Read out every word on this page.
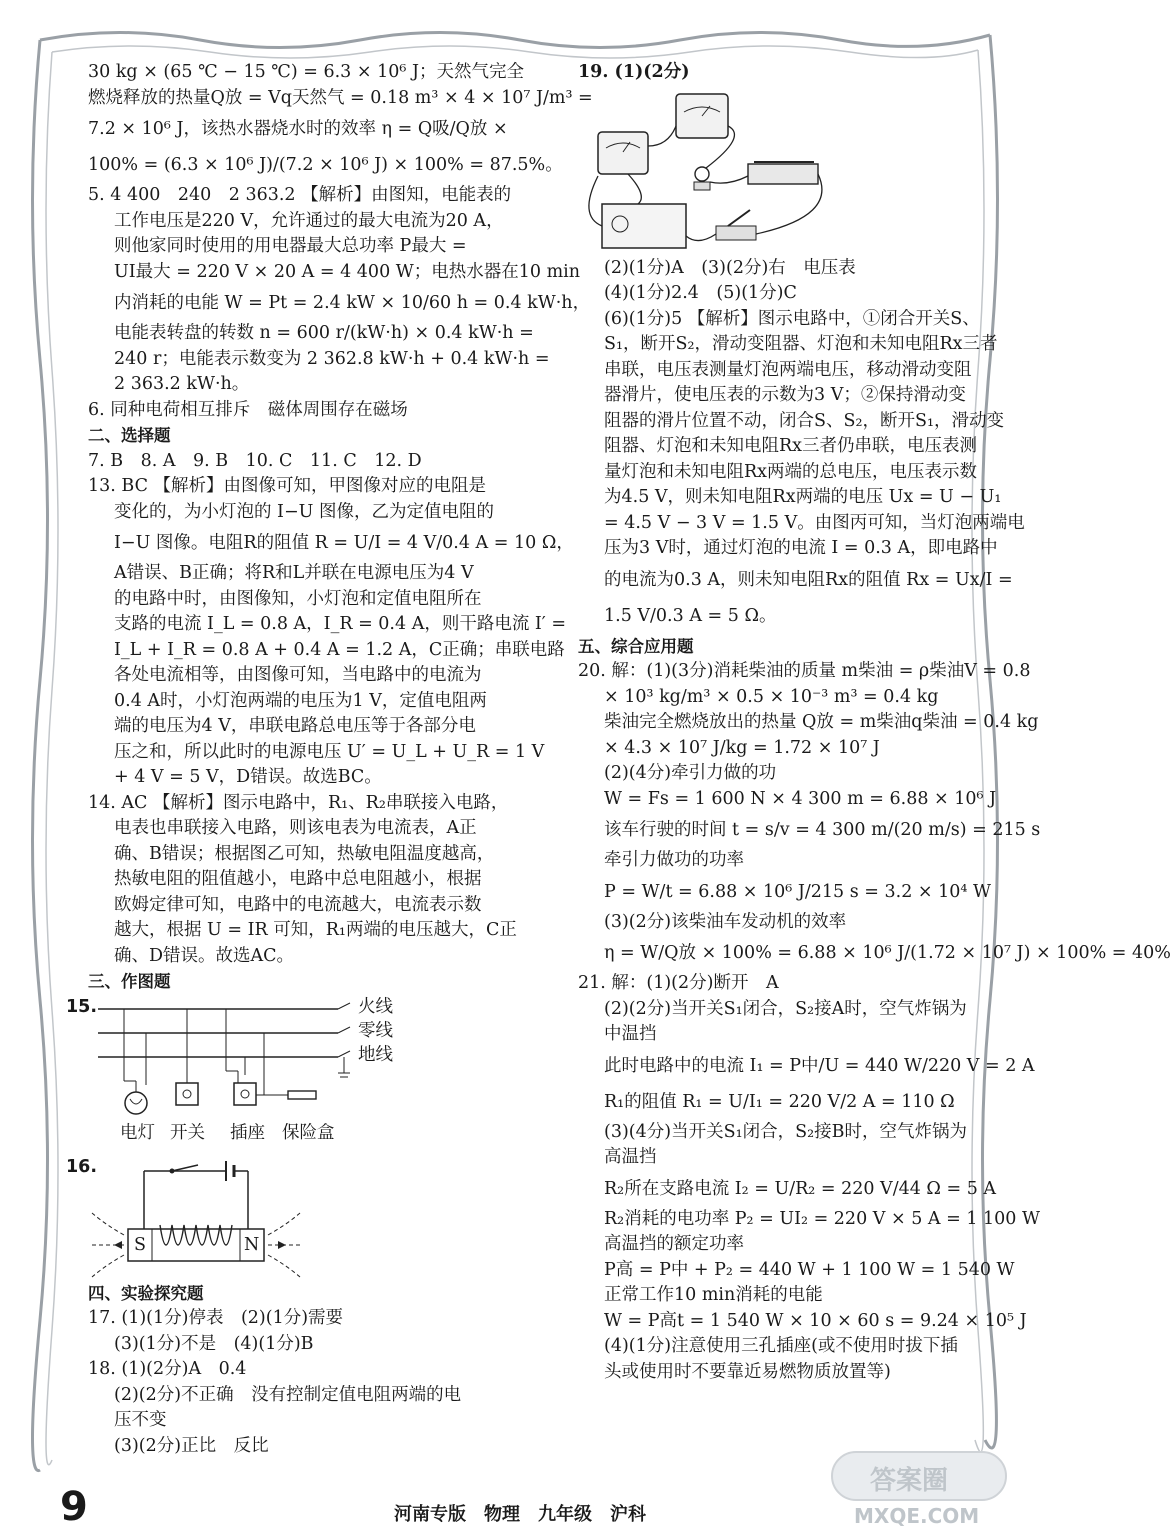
30 kg × (65 ℃ − 15 ℃) = 6.3 × 10⁶ J；天然气完全
燃烧释放的热量Q放 = Vq天然气 = 0.18 m³ × 4 × 10⁷ J/m³ =
7.2 × 10⁶ J，该热水器烧水时的效率 η = Q吸/Q放 ×
100% = (6.3 × 10⁶ J)/(7.2 × 10⁶ J) × 100% = 87.5%。
5. 4 400　240　2 363.2 【解析】由图知，电能表的
工作电压是220 V，允许通过的最大电流为20 A，
则他家同时使用的用电器最大总功率 P最大 =
UI最大 = 220 V × 20 A = 4 400 W；电热水器在10 min
内消耗的电能 W = Pt = 2.4 kW × 10/60 h = 0.4 kW·h，
电能表转盘的转数 n = 600 r/(kW·h) × 0.4 kW·h =
240 r；电能表示数变为 2 362.8 kW·h + 0.4 kW·h =
2 363.2 kW·h。
6. 同种电荷相互排斥　磁体周围存在磁场
二、选择题
7. B　8. A　9. B　10. C　11. C　12. D
13. BC 【解析】由图像可知，甲图像对应的电阻是
变化的，为小灯泡的 I−U 图像，乙为定值电阻的
I−U 图像。电阻R的阻值 R = U/I = 4 V/0.4 A = 10 Ω，
A错误、B正确；将R和L并联在电源电压为4 V
的电路中时，由图像知，小灯泡和定值电阻所在
支路的电流 I_L = 0.8 A，I_R = 0.4 A，则干路电流 I′ =
I_L + I_R = 0.8 A + 0.4 A = 1.2 A，C正确；串联电路
各处电流相等，由图像可知，当电路中的电流为
0.4 A时，小灯泡两端的电压为1 V，定值电阻两
端的电压为4 V，串联电路总电压等于各部分电
压之和，所以此时的电源电压 U′ = U_L + U_R = 1 V
+ 4 V = 5 V，D错误。故选BC。
14. AC 【解析】图示电路中，R₁、R₂串联接入电路，
电表也串联接入电路，则该电表为电流表，A正
确、B错误；根据图乙可知，热敏电阻温度越高，
热敏电阻的阻值越小，电路中总电阻越小，根据
欧姆定律可知，电路中的电流越大，电流表示数
越大，根据 U = IR 可知，R₁两端的电压越大，C正
确、D错误。故选AC。
三、作图题
15.	火线
零线
地线
电灯 开关 插座 保险盒
16.
S	N
四、实验探究题
17. (1)(1分)停表　(2)(1分)需要
(3)(1分)不是　(4)(1分)B
18. (1)(2分)A　0.4
(2)(2分)不正确　没有控制定值电阻两端的电
压不变
(3)(2分)正比　反比
19. (1)(2分)
(2)(1分)A　(3)(2分)右　电压表
(4)(1分)2.4　(5)(1分)C
(6)(1分)5 【解析】图示电路中，①闭合开关S、
S₁，断开S₂，滑动变阻器、灯泡和未知电阻Rx三者
串联，电压表测量灯泡两端电压，移动滑动变阻
器滑片，使电压表的示数为3 V；②保持滑动变
阻器的滑片位置不动，闭合S、S₂，断开S₁，滑动变
阻器、灯泡和未知电阻Rx三者仍串联，电压表测
量灯泡和未知电阻Rx两端的总电压，电压表示数
为4.5 V，则未知电阻Rx两端的电压 Ux = U − U₁
= 4.5 V − 3 V = 1.5 V。由图丙可知，当灯泡两端电
压为3 V时，通过灯泡的电流 I = 0.3 A，即电路中
的电流为0.3 A，则未知电阻Rx的阻值 Rx = Ux/I =
1.5 V/0.3 A = 5 Ω。
五、综合应用题
20. 解：(1)(3分)消耗柴油的质量 m柴油 = ρ柴油V = 0.8
× 10³ kg/m³ × 0.5 × 10⁻³ m³ = 0.4 kg
柴油完全燃烧放出的热量 Q放 = m柴油q柴油 = 0.4 kg
× 4.3 × 10⁷ J/kg = 1.72 × 10⁷ J
(2)(4分)牵引力做的功
W = Fs = 1 600 N × 4 300 m = 6.88 × 10⁶ J
该车行驶的时间 t = s/v = 4 300 m/(20 m/s) = 215 s
牵引力做功的功率
P = W/t = 6.88 × 10⁶ J/215 s = 3.2 × 10⁴ W
(3)(2分)该柴油车发动机的效率
η = W/Q放 × 100% = 6.88 × 10⁶ J/(1.72 × 10⁷ J) × 100% = 40%
21. 解：(1)(2分)断开　A
(2)(2分)当开关S₁闭合，S₂接A时，空气炸锅为
中温挡
此时电路中的电流 I₁ = P中/U = 440 W/220 V = 2 A
R₁的阻值 R₁ = U/I₁ = 220 V/2 A = 110 Ω
(3)(4分)当开关S₁闭合，S₂接B时，空气炸锅为
高温挡
R₂所在支路电流 I₂ = U/R₂ = 220 V/44 Ω = 5 A
R₂消耗的电功率 P₂ = UI₂ = 220 V × 5 A = 1 100 W
高温挡的额定功率
P高 = P中 + P₂ = 440 W + 1 100 W = 1 540 W
正常工作10 min消耗的电能
W = P高t = 1 540 W × 10 × 60 s = 9.24 × 10⁵ J
(4)(1分)注意使用三孔插座(或不使用时拔下插
头或使用时不要靠近易燃物质放置等)
9	河南专版　物理　九年级　沪科
答案圈
MXQE.COM
